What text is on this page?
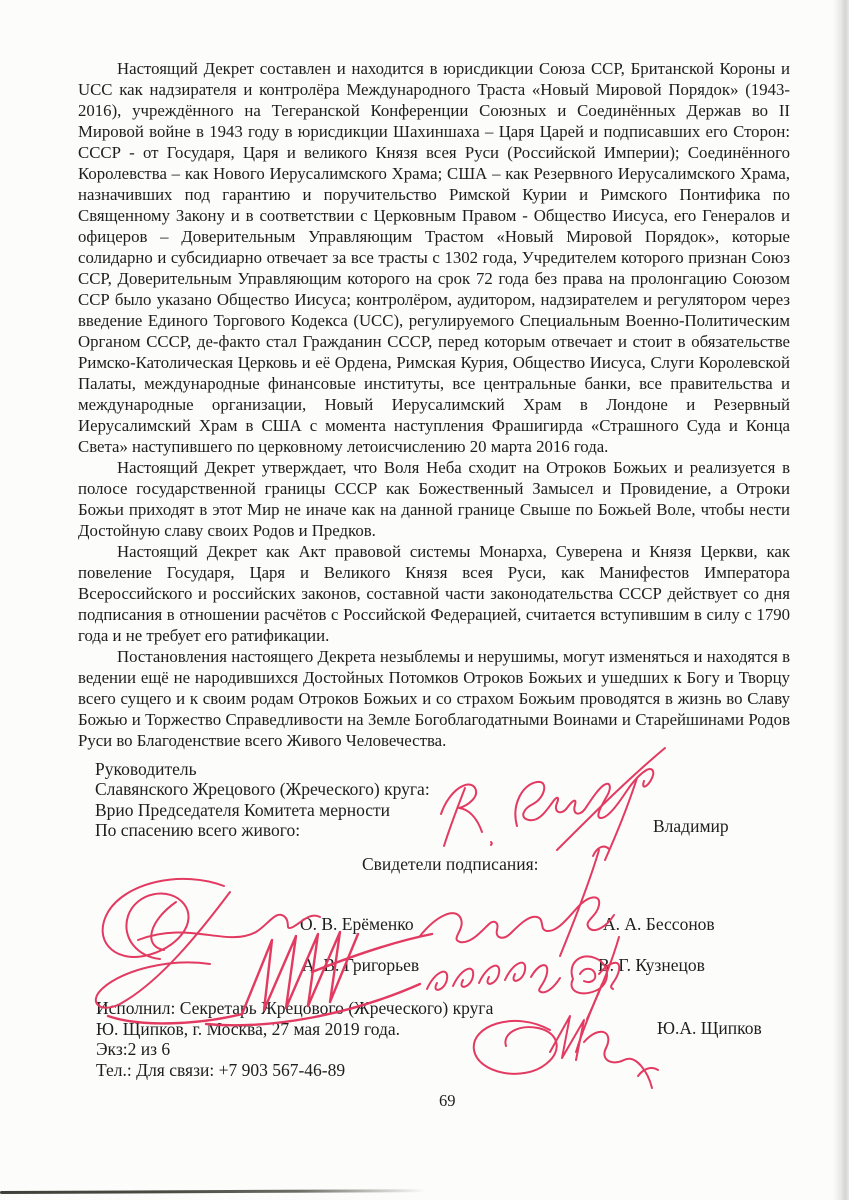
Настоящий Декрет составлен и находится в юрисдикции Союза ССР, Британской Короны и
UCC как надзирателя и контролёра Международного Траста «Новый Мировой Порядок» (1943-
2016), учреждённого на Тегеранской Конференции Союзных и Соединённых Держав во II
Мировой войне в 1943 году в юрисдикции Шахиншаха – Царя Царей и подписавших его Сторон:
СССР - от Государя, Царя и великого Князя всея Руси (Российской Империи); Соединённого
Королевства – как Нового Иерусалимского Храма; США – как Резервного Иерусалимского Храма,
назначивших под гарантию и поручительство Римской Курии и Римского Понтифика по
Священному Закону и в соответствии с Церковным Правом - Общество Иисуса, его Генералов и
офицеров – Доверительным Управляющим Трастом «Новый Мировой Порядок», которые
солидарно и субсидиарно отвечает за все трасты с 1302 года, Учредителем которого признан Союз
ССР, Доверительным Управляющим которого на срок 72 года без права на пролонгацию Союзом
ССР было указано Общество Иисуса; контролёром, аудитором, надзирателем и регулятором через
введение Единого Торгового Кодекса (UCC), регулируемого Специальным Военно-Политическим
Органом СССР, де-факто стал Гражданин СССР, перед которым отвечает и стоит в обязательстве
Римско-Католическая Церковь и её Ордена, Римская Курия, Общество Иисуса, Слуги Королевской
Палаты, международные финансовые институты, все центральные банки, все правительства и
международные организации, Новый Иерусалимский Храм в Лондоне и Резервный
Иерусалимский Храм в США с момента наступления Фрашигирда «Страшного Суда и Конца
Света» наступившего по церковному летоисчислению 20 марта 2016 года.
Настоящий Декрет утверждает, что Воля Неба сходит на Отроков Божьих и реализуется в
полосе государственной границы СССР как Божественный Замысел и Провидение, а Отроки
Божьи приходят в этот Мир не иначе как на данной границе Свыше по Божьей Воле, чтобы нести
Достойную славу своих Родов и Предков.
Настоящий Декрет как Акт правовой системы Монарха, Суверена и Князя Церкви, как
повеление Государя, Царя и Великого Князя всея Руси, как Манифестов Императора
Всероссийского и российских законов, составной части законодательства СССР действует со дня
подписания в отношении расчётов с Российской Федерацией, считается вступившим в силу с 1790
года и не требует его ратификации.
Постановления настоящего Декрета незыблемы и нерушимы, могут изменяться и находятся в
ведении ещё не народившихся Достойных Потомков Отроков Божьих и ушедших к Богу и Творцу
всего сущего и к своим родам Отроков Божьих и со страхом Божьим проводятся в жизнь во Славу
Божью и Торжество Справедливости на Земле Богоблагодатными Воинами и Старейшинами Родов
Руси во Благоденствие всего Живого Человечества.
Руководитель
Славянского Жрецового (Жреческого) круга:
Врио Председателя Комитета мерности
По спасению всего живого:	Владимир
Свидетели подписания:
О. В. Ерёменко	А. А. Бессонов
А. В. Григорьев	В. Г. Кузнецов
Исполнил: Секретарь Жрецового (Жреческого) круга
Ю. Щипков, г. Москва, 27 мая 2019 года.
Экз:2 из 6
Тел.: Для связи: +7 903 567-46-89
Ю.А. Щипков
69
